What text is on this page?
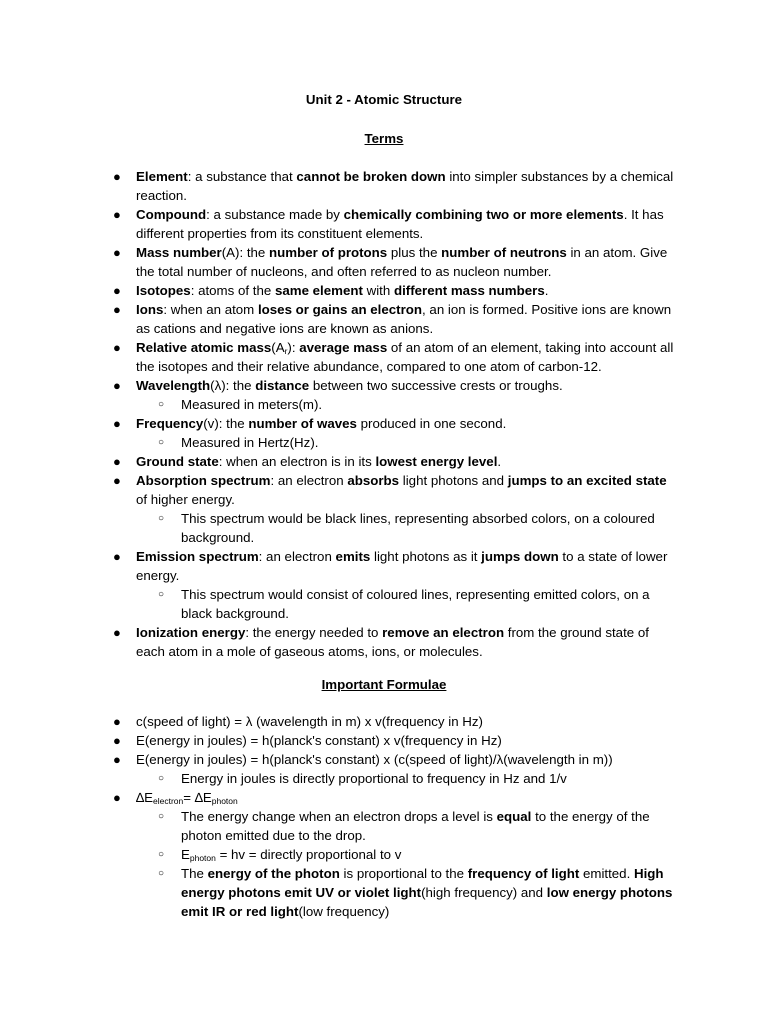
Unit 2 - Atomic Structure
Terms
● Element: a substance that cannot be broken down into simpler substances by a chemical reaction.
● Compound: a substance made by chemically combining two or more elements. It has different properties from its constituent elements.
● Mass number(A): the number of protons plus the number of neutrons in an atom. Give the total number of nucleons, and often referred to as nucleon number.
● Isotopes: atoms of the same element with different mass numbers.
● Ions: when an atom loses or gains an electron, an ion is formed. Positive ions are known as cations and negative ions are known as anions.
● Relative atomic $mass(A_r)$: average mass of an atom of an element, taking into account all the isotopes and their relative abundance, compared to one atom of carbon-12.
● Wavelength(λ): the distance between two successive crests or troughs.
○ Measured in meters(m).
● Frequency(v): the number of waves produced in one second.
○ Measured in Hertz(Hz).
● Ground state: when an electron is in its lowest energy level.
● Absorption spectrum: an electron absorbs light photons and jumps to an excited state of higher energy.
○ This spectrum would be black lines, representing absorbed colors, on a coloured background.
● Emission spectrum: an electron emits light photons as it jumps down to a state of lower energy.
○ This spectrum would consist of coloured lines, representing emitted colors, on a black background.
● Ionization energy: the energy needed to remove an electron from the ground state of each atom in a mole of gaseous atoms, ions, or molecules.
Important Formulae
● c(speed of light) = λ (wavelength in m) x v(frequency in Hz)
● E(energy in joules) = h(planck's constant) x v(frequency in Hz)
● E(energy in joules) = h(planck's constant) x (c(speed of light)/λ(wavelength in m))
○ Energy in joules is directly proportional to frequency in Hz and 1/v
● $\Delta E_{electron}= \Delta E_{photon}$
○ The energy change when an electron drops a level is equal to the energy of the photon emitted due to the drop.
○ $E_{photon}$ = hv = directly proportional to v
○ The energy of the photon is proportional to the frequency of light emitted. High energy photons emit UV or violet light(high frequency) and low energy photons emit IR or red light(low frequency)
